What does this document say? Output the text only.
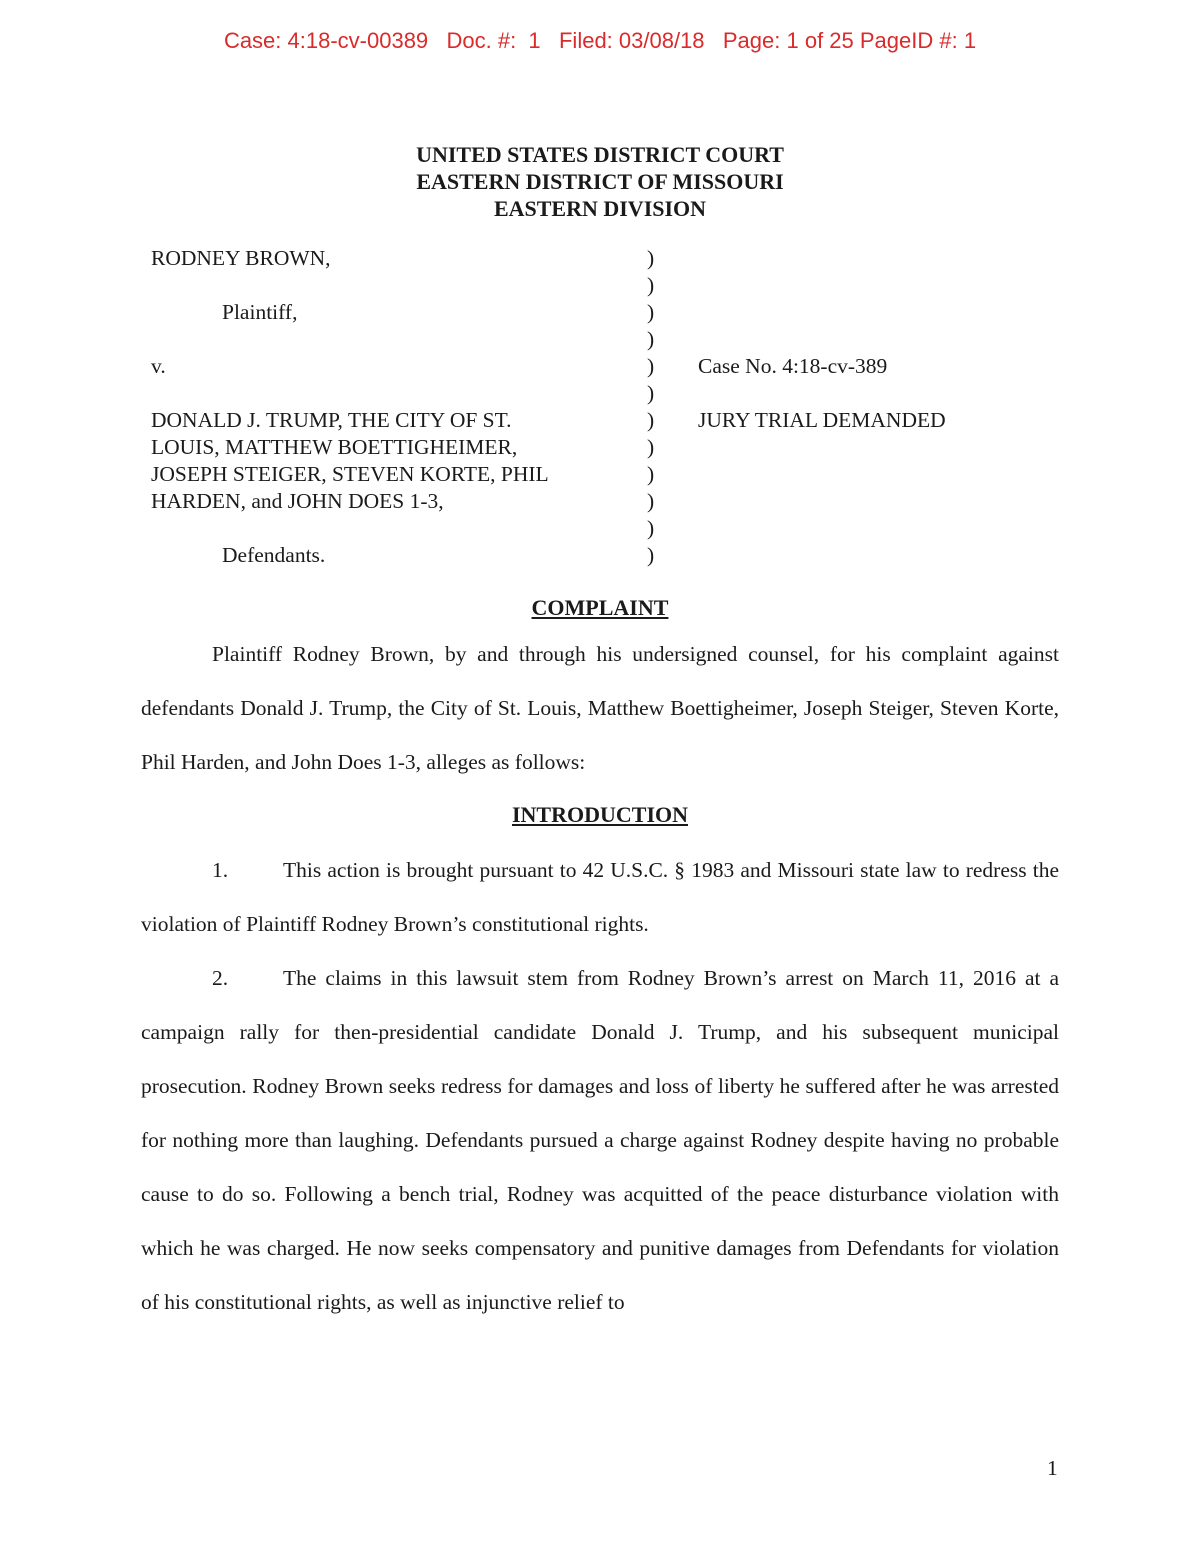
Case: 4:18-cv-00389   Doc. #:  1   Filed: 03/08/18   Page: 1 of 25 PageID #: 1
UNITED STATES DISTRICT COURT
EASTERN DISTRICT OF MISSOURI
EASTERN DIVISION
RODNEY BROWN,
Plaintiff,
v.
DONALD J. TRUMP, THE CITY OF ST.
LOUIS, MATTHEW BOETTIGHEIMER,
JOSEPH STEIGER, STEVEN KORTE, PHIL
HARDEN, and JOHN DOES 1-3,
Defendants.
)
)
)
)
)
)
)
)
)
)
)
)
Case No. 4:18-cv-389
JURY TRIAL DEMANDED
COMPLAINT

Plaintiff Rodney Brown, by and through his undersigned counsel, for his complaint against defendants Donald J. Trump, the City of St. Louis, Matthew Boettigheimer, Joseph Steiger, Steven Korte, Phil Harden, and John Does 1-3, alleges as follows:

INTRODUCTION
1.	This action is brought pursuant to 42 U.S.C. § 1983 and Missouri state law to redress the violation of Plaintiff Rodney Brown’s constitutional rights.
2.	The claims in this lawsuit stem from Rodney Brown’s arrest on March 11, 2016 at a campaign rally for then-presidential candidate Donald J. Trump, and his subsequent municipal prosecution. Rodney Brown seeks redress for damages and loss of liberty he suffered after he was arrested for nothing more than laughing. Defendants pursued a charge against Rodney despite having no probable cause to do so. Following a bench trial, Rodney was acquitted of the peace disturbance violation with which he was charged. He now seeks compensatory and punitive damages from Defendants for violation of his constitutional rights, as well as injunctive relief to
1
